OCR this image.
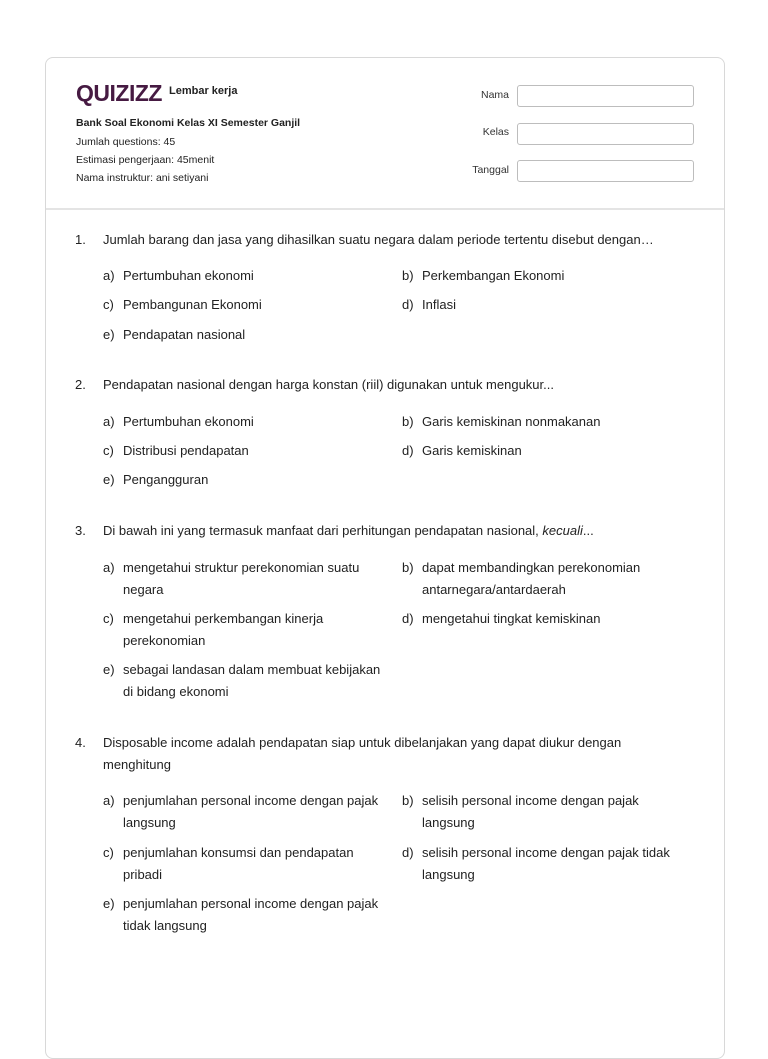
QUIZIZZ Lembar kerja
Bank Soal Ekonomi Kelas XI Semester Ganjil
Jumlah questions: 45
Estimasi pengerjaan: 45menit
Nama instruktur: ani setiyani
Nama
Kelas
Tanggal
1. Jumlah barang dan jasa yang dihasilkan suatu negara dalam periode tertentu disebut dengan…
a) Pertumbuhan ekonomi	b) Perkembangan Ekonomi
c) Pembangunan Ekonomi	d) Inflasi
e) Pendapatan nasional
2. Pendapatan nasional dengan harga konstan (riil) digunakan untuk mengukur...
a) Pertumbuhan ekonomi	b) Garis kemiskinan nonmakanan
c) Distribusi pendapatan	d) Garis kemiskinan
e) Pengangguran
3. Di bawah ini yang termasuk manfaat dari perhitungan pendapatan nasional, kecuali...
a) mengetahui struktur perekonomian suatu negara
b) dapat membandingkan perekonomian antarnegara/antardaerah
c) mengetahui perkembangan kinerja perekonomian
d) mengetahui tingkat kemiskinan
e) sebagai landasan dalam membuat kebijakan di bidang ekonomi
4. Disposable income adalah pendapatan siap untuk dibelanjakan yang dapat diukur dengan menghitung
a) penjumlahan personal income dengan pajak langsung
b) selisih personal income dengan pajak langsung
c) penjumlahan konsumsi dan pendapatan pribadi
d) selisih personal income dengan pajak tidak langsung
e) penjumlahan personal income dengan pajak tidak langsung
